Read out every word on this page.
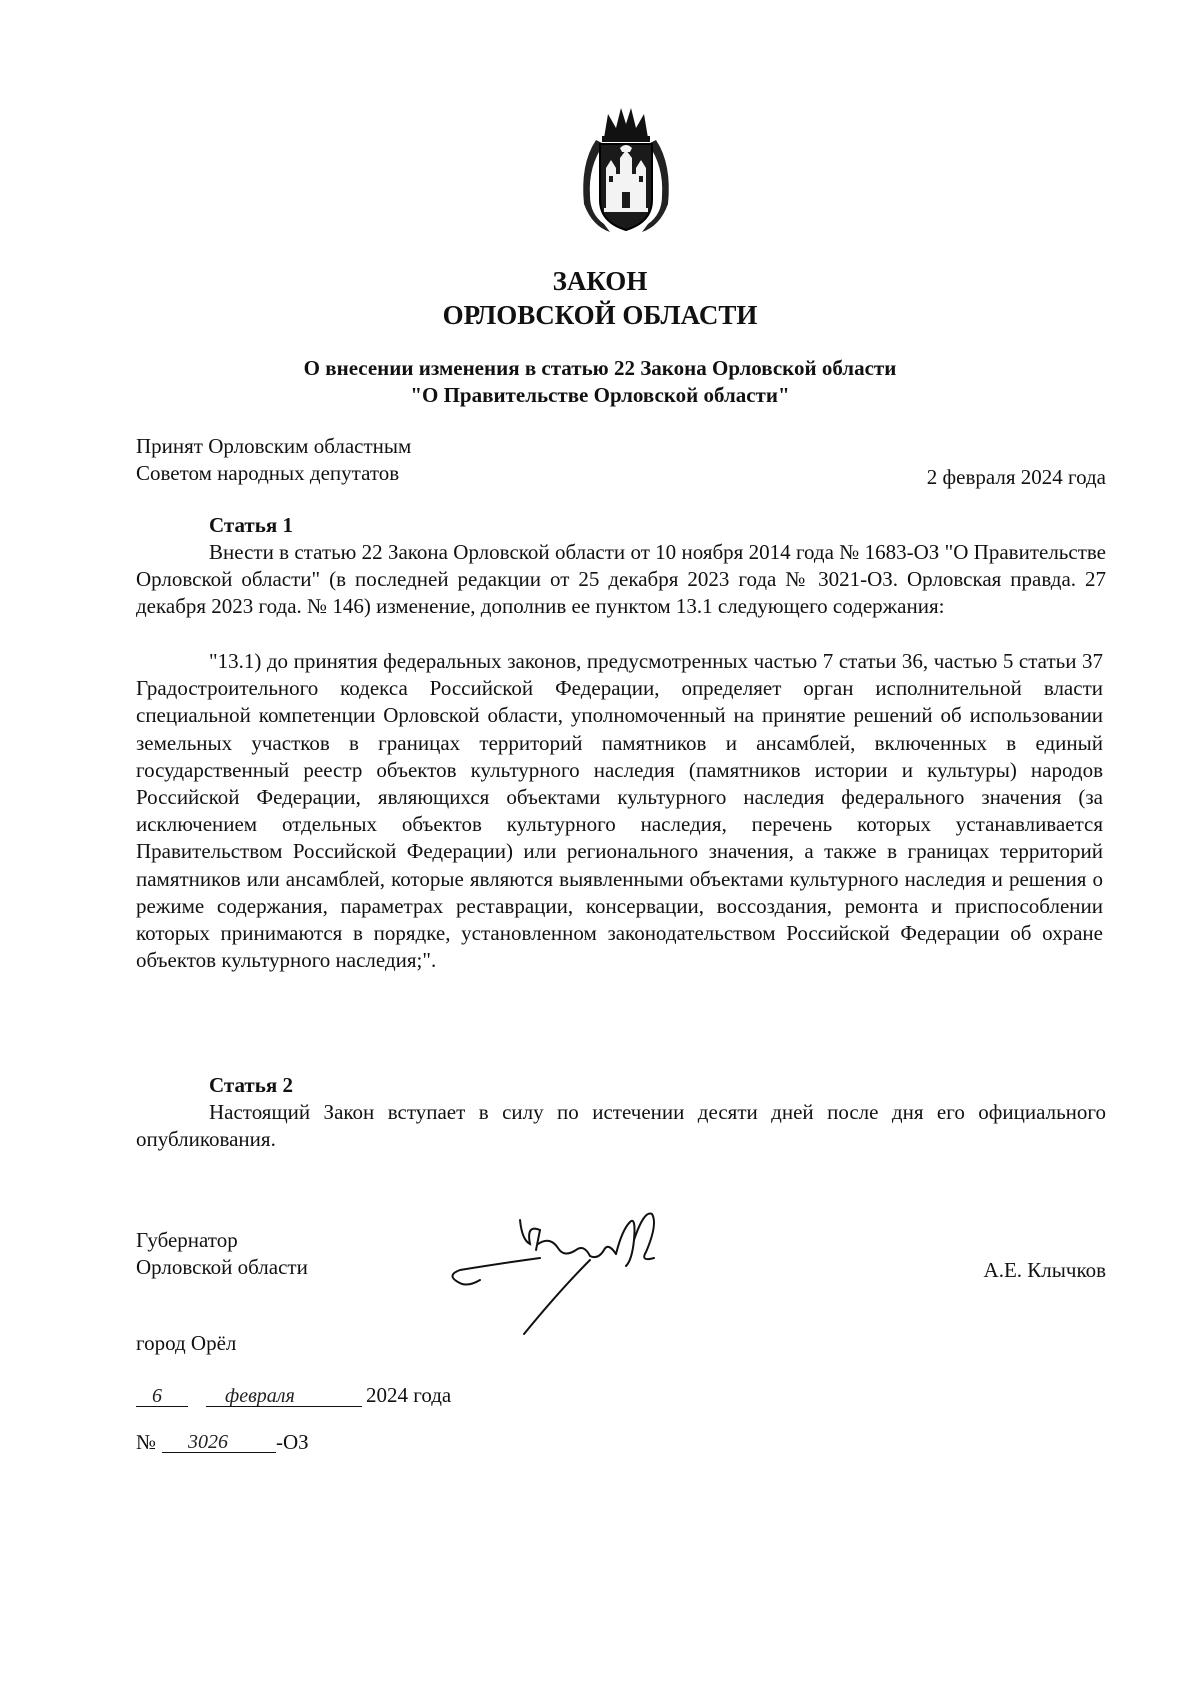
ЗАКОН
ОРЛОВСКОЙ ОБЛАСТИ
О внесении изменения в статью 22 Закона Орловской области
"О Правительстве Орловской области"
Принят Орловским областным
Советом народных депутатов	2 февраля 2024 года
Статья 1
Внести в статью 22 Закона Орловской области от 10 ноября 2014 года № 1683-ОЗ "О Правительстве Орловской области" (в последней редакции от 25 декабря 2023 года № 3021-ОЗ. Орловская правда. 27 декабря 2023 года. № 146) изменение, дополнив ее пунктом 13.1 следующего содержания:
"13.1) до принятия федеральных законов, предусмотренных частью 7 статьи 36, частью 5 статьи 37 Градостроительного кодекса Российской Федерации, определяет орган исполнительной власти специальной компетенции Орловской области, уполномоченный на принятие решений об использовании земельных участков в границах территорий памятников и ансамблей, включенных в единый государственный реестр объектов культурного наследия (памятников истории и культуры) народов Российской Федерации, являющихся объектами культурного наследия федерального значения (за исключением отдельных объектов культурного наследия, перечень которых устанавливается Правительством Российской Федерации) или регионального значения, а также в границах территорий памятников или ансамблей, которые являются выявленными объектами культурного наследия и решения о режиме содержания, параметрах реставрации, консервации, воссоздания, ремонта и приспособлении которых принимаются в порядке, установленном законодательством Российской Федерации об охране объектов культурного наследия;".
Статья 2
Настоящий Закон вступает в силу по истечении десяти дней после дня его официального опубликования.
Губернатор
Орловской области	А.Е. Клычков
город Орёл
6	февраля	2024 года
№ 3026 -ОЗ
